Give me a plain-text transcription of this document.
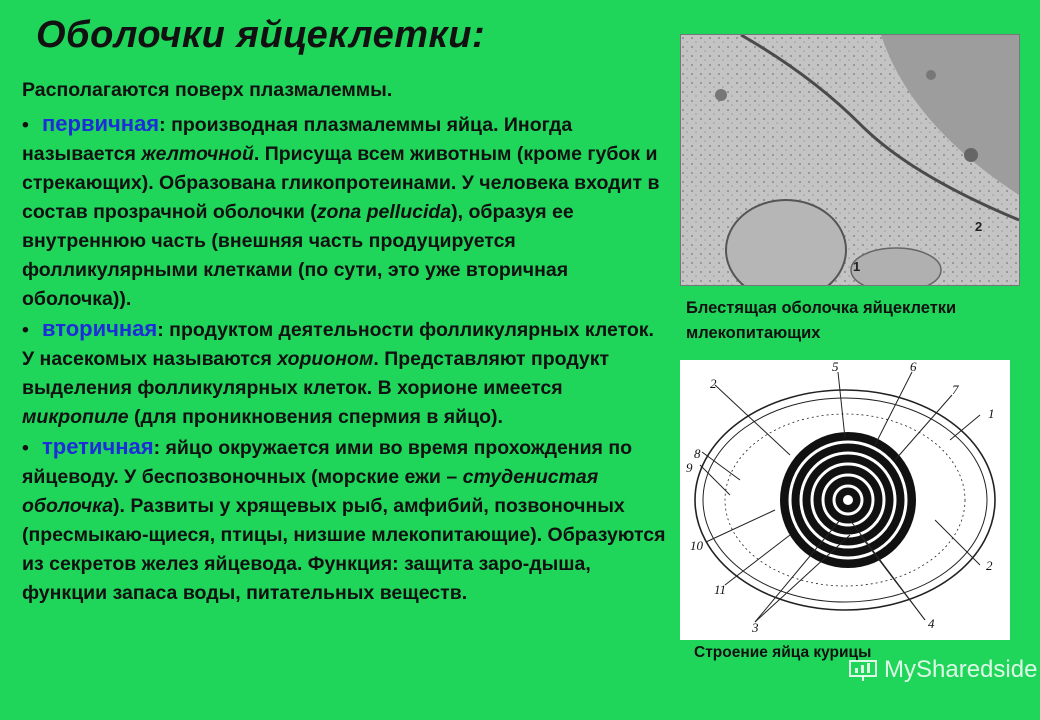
Оболочки яйцеклетки:

Располагаются поверх плазмалеммы.

• первичная: производная плазмалеммы яйца. Иногда называется желточной. Присуща всем животным (кроме губок и стрекающих). Образована гликопротеинами. У человека входит в состав прозрачной оболочки (zona pellucida), образуя ее внутреннюю часть (внешняя часть продуцируется фолликулярными клетками (по сути, это уже вторичная оболочка)).

• вторичная: продуктом деятельности фолликулярных клеток. У насекомых называются хорионом. Представляют продукт выделения фолликулярных клеток. В хорионе имеется микропиле (для проникновения спермия в яйцо).

• третичная: яйцо окружается ими во время прохождения по яйцеводу. У беспозвоночных (морские ежи – студенистая оболочка). Развиты у хрящевых рыб, амфибий, позвоночных (пресмыкаю-щиеся, птицы, низшие млекопитающие). Образуются из секретов желез яйцевода. Функция: защита заро-дыша, функции запаса воды, питательных веществ.

2
1

Блестящая оболочка яйцеклетки млекопитающих

1
2
3	4
5	6
7
8
9
10
11
2

Строение яйца курицы

MySharedsidе
